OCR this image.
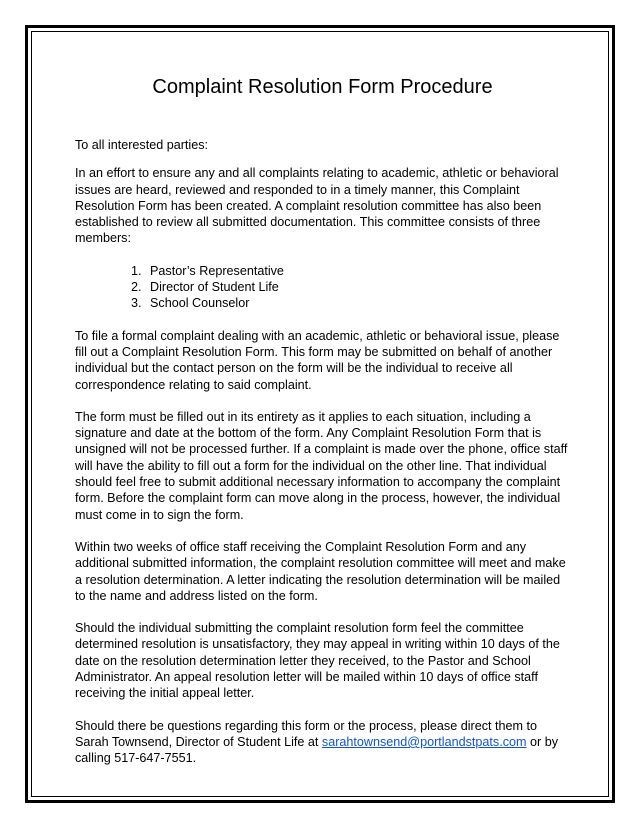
Complaint Resolution Form Procedure

To all interested parties:

In an effort to ensure any and all complaints relating to academic, athletic or behavioral issues are heard, reviewed and responded to in a timely manner, this Complaint Resolution Form has been created. A complaint resolution committee has also been established to review all submitted documentation. This committee consists of three members:

1. Pastor’s Representative
2. Director of Student Life
3. School Counselor

To file a formal complaint dealing with an academic, athletic or behavioral issue, please fill out a Complaint Resolution Form. This form may be submitted on behalf of another individual but the contact person on the form will be the individual to receive all correspondence relating to said complaint.

The form must be filled out in its entirety as it applies to each situation, including a signature and date at the bottom of the form. Any Complaint Resolution Form that is unsigned will not be processed further. If a complaint is made over the phone, office staff will have the ability to fill out a form for the individual on the other line. That individual should feel free to submit additional necessary information to accompany the complaint form. Before the complaint form can move along in the process, however, the individual must come in to sign the form.

Within two weeks of office staff receiving the Complaint Resolution Form and any additional submitted information, the complaint resolution committee will meet and make a resolution determination. A letter indicating the resolution determination will be mailed to the name and address listed on the form.

Should the individual submitting the complaint resolution form feel the committee determined resolution is unsatisfactory, they may appeal in writing within 10 days of the date on the resolution determination letter they received, to the Pastor and School Administrator. An appeal resolution letter will be mailed within 10 days of office staff receiving the initial appeal letter.

Should there be questions regarding this form or the process, please direct them to Sarah Townsend, Director of Student Life at sarahtownsend@portlandstpats.com or by calling 517-647-7551.
